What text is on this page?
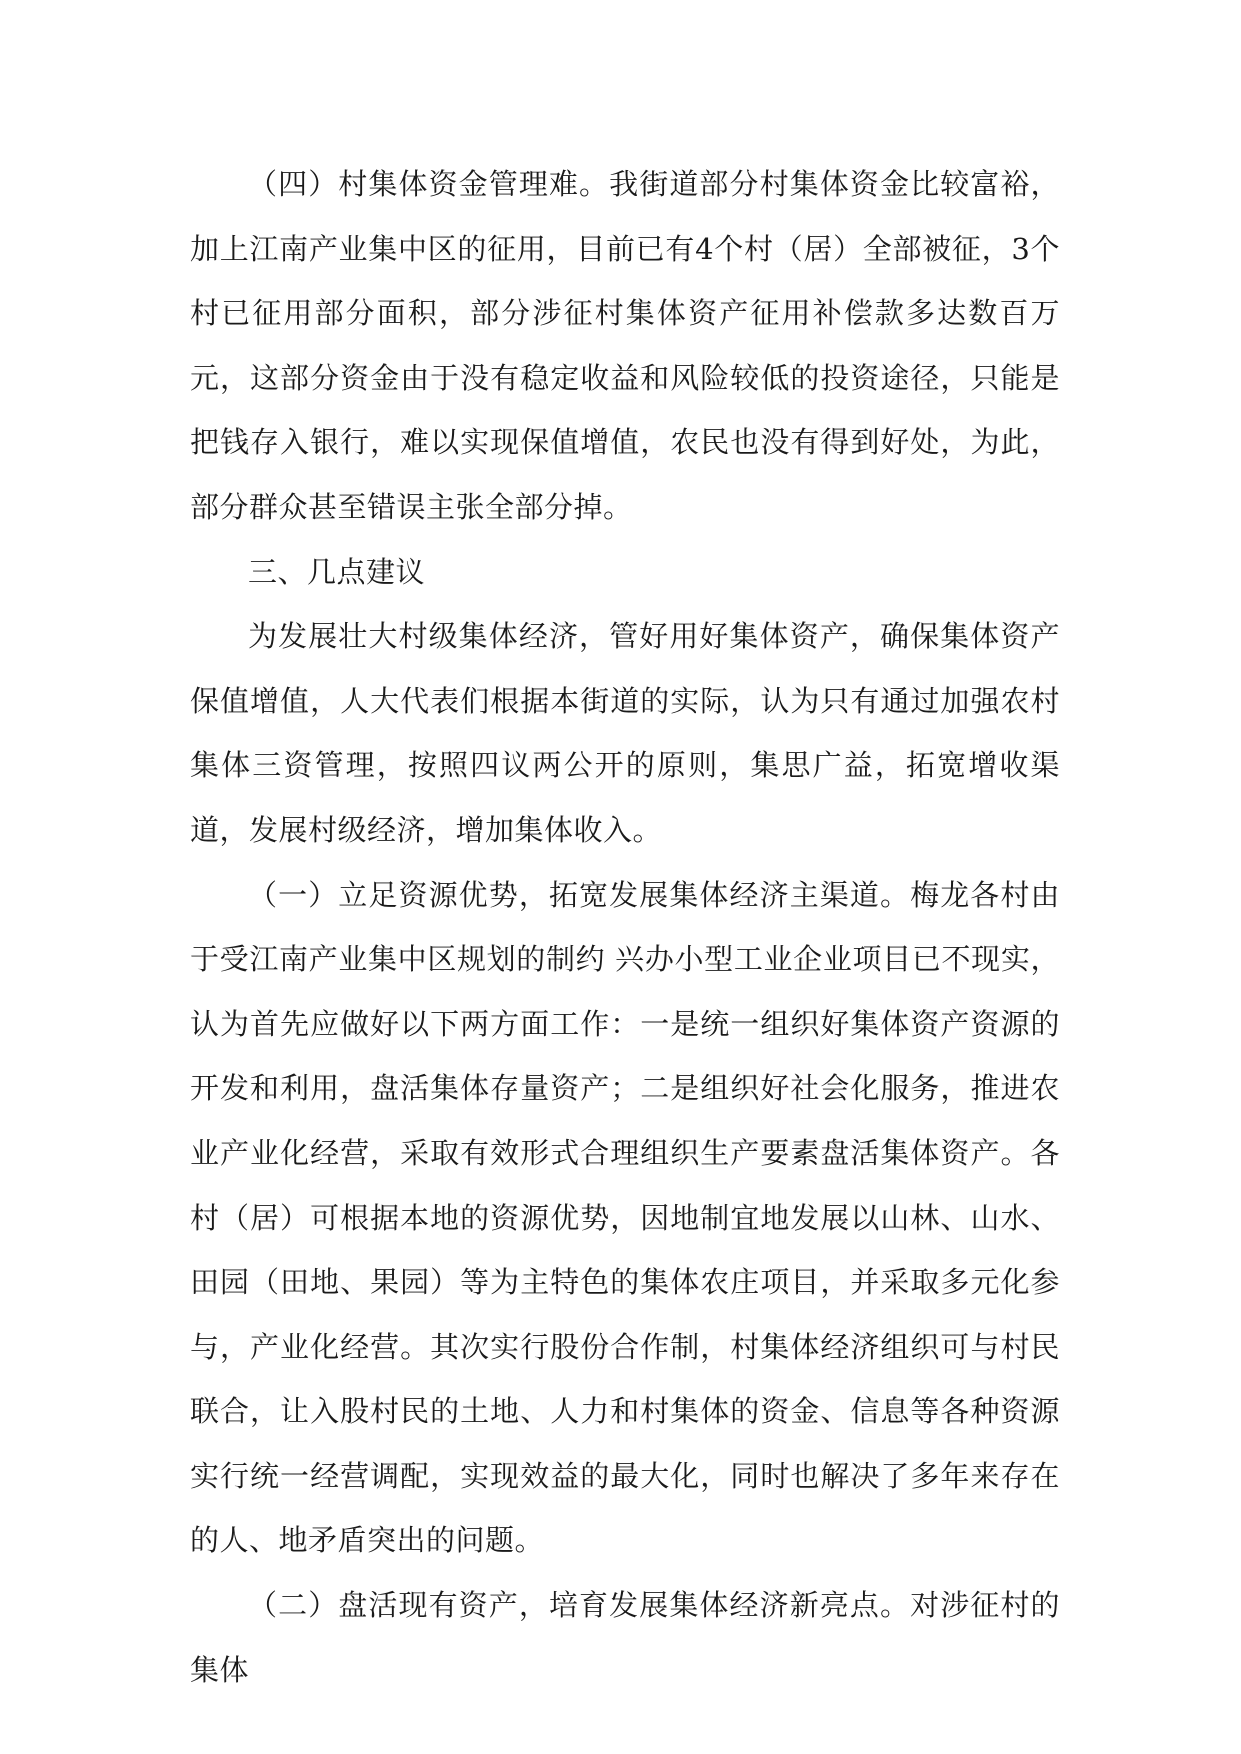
（四）村集体资金管理难。我街道部分村集体资金比较富裕，加上江南产业集中区的征用，目前已有4个村（居）全部被征，3个村已征用部分面积，部分涉征村集体资产征用补偿款多达数百万元，这部分资金由于没有稳定收益和风险较低的投资途径，只能是把钱存入银行，难以实现保值增值，农民也没有得到好处，为此，部分群众甚至错误主张全部分掉。

三、几点建议

为发展壮大村级集体经济，管好用好集体资产，确保集体资产保值增值，人大代表们根据本街道的实际，认为只有通过加强农村集体三资管理，按照四议两公开的原则，集思广益，拓宽增收渠道，发展村级经济，增加集体收入。

（一）立足资源优势，拓宽发展集体经济主渠道。梅龙各村由于受江南产业集中区规划的制约 兴办小型工业企业项目已不现实，认为首先应做好以下两方面工作：一是统一组织好集体资产资源的开发和利用，盘活集体存量资产；二是组织好社会化服务，推进农业产业化经营，采取有效形式合理组织生产要素盘活集体资产。各村（居）可根据本地的资源优势，因地制宜地发展以山林、山水、田园（田地、果园）等为主特色的集体农庄项目，并采取多元化参与，产业化经营。其次实行股份合作制，村集体经济组织可与村民联合，让入股村民的土地、人力和村集体的资金、信息等各种资源实行统一经营调配，实现效益的最大化，同时也解决了多年来存在的人、地矛盾突出的问题。

（二）盘活现有资产，培育发展集体经济新亮点。对涉征村的集体
